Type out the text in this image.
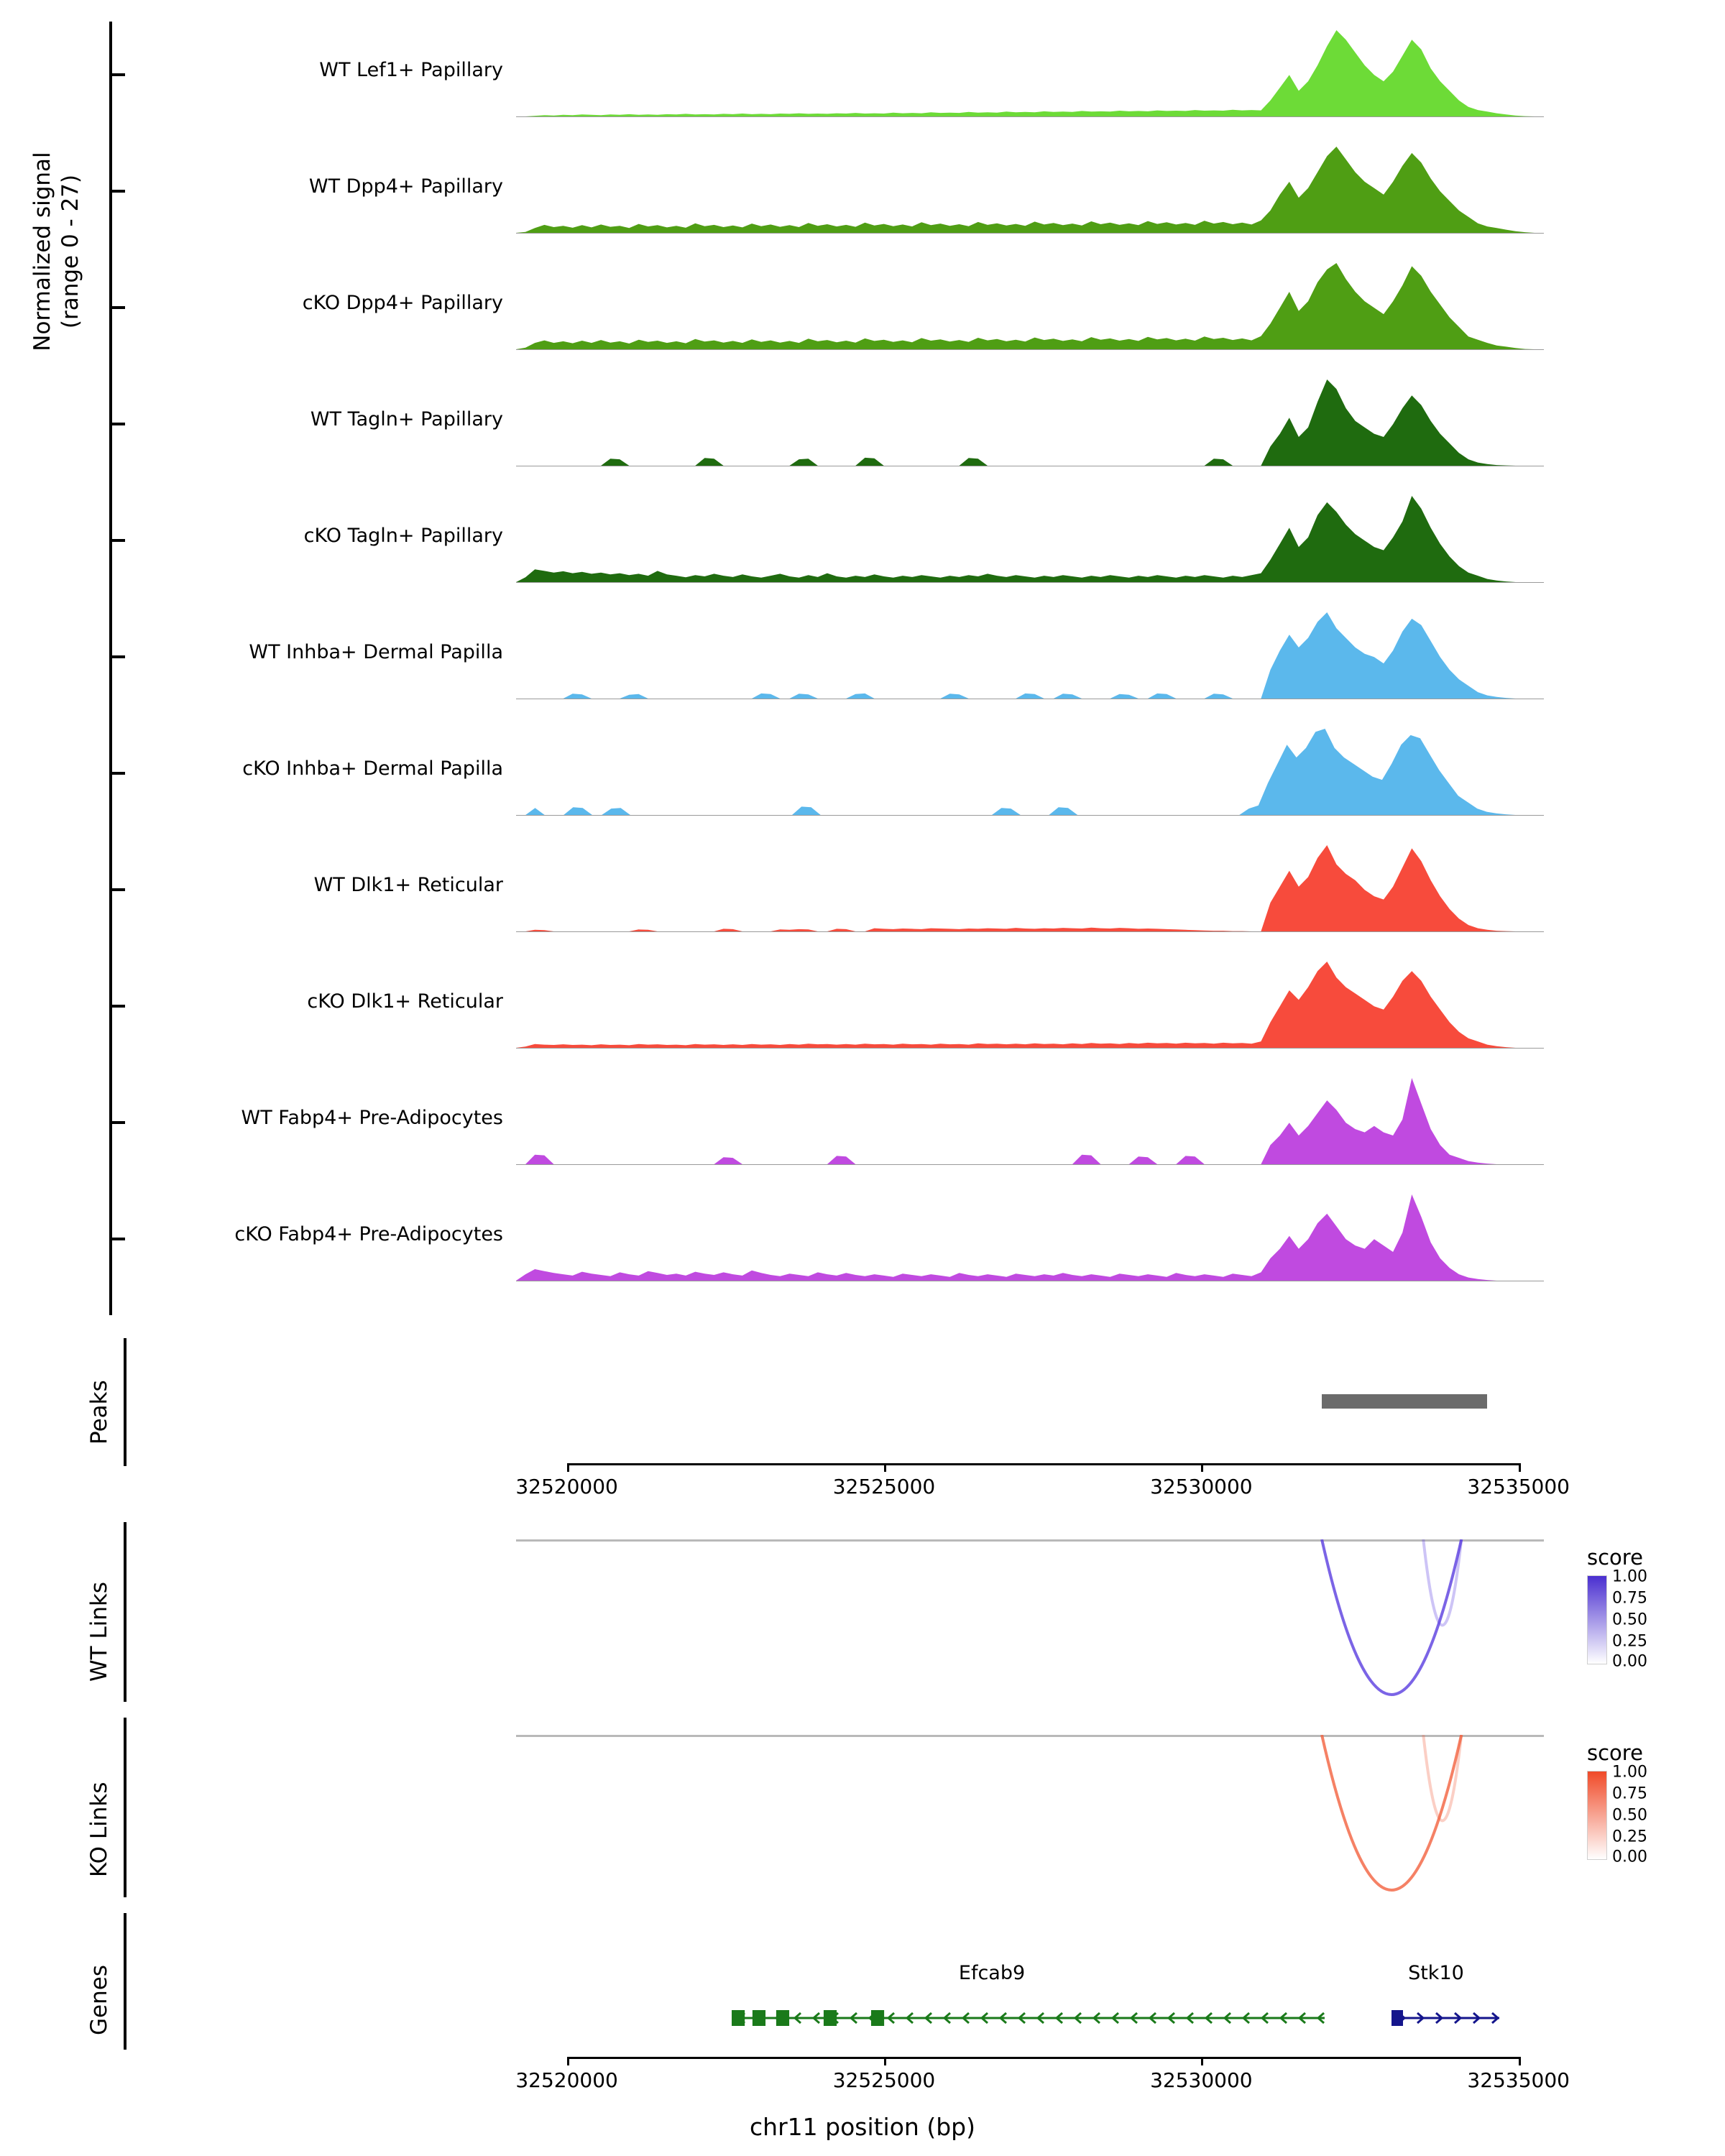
Normalized signal
(range 0 - 27)
WT Lef1+ Papillary
WT Dpp4+ Papillary
cKO Dpp4+ Papillary
WT Tagln+ Papillary
cKO Tagln+ Papillary
WT Inhba+ Dermal Papilla
cKO Inhba+ Dermal Papilla
WT Dlk1+ Reticular
cKO Dlk1+ Reticular
WT Fabp4+ Pre-Adipocytes
cKO Fabp4+ Pre-Adipocytes
Peaks
32520000	32525000	32530000	32535000
WT Links
score
1.00
0.75
0.50
0.25
0.00
KO Links
score
1.00
0.75
0.50
0.25
0.00
Genes	Efcab9	Stk10
32520000	32525000	32530000	32535000
chr11 position (bp)
